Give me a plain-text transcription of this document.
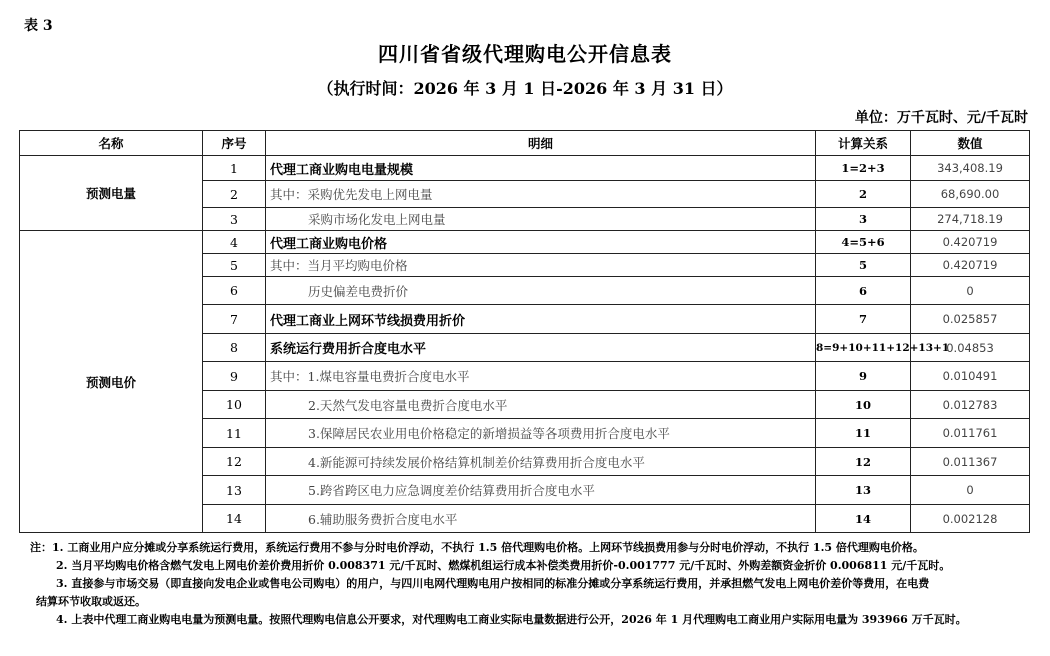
表 3
四川省省级代理购电公开信息表
（执行时间：2026 年 3 月 1 日-2026 年 3 月 31 日）
单位：万千瓦时、元/千瓦时
名称	序号	明细	计算关系	数值
预测电量	1	代理工商业购电电量规模	1=2+3	343,408.19
	2	其中：采购优先发电上网电量	2	68,690.00
	3	采购市场化发电上网电量	3	274,718.19
预测电价	4	代理工商业购电价格	4=5+6	0.420719
	5	其中：当月平均购电价格	5	0.420719
	6	历史偏差电费折价	6	0
	7	代理工商业上网环节线损费用折价	7	0.025857
	8	系统运行费用折合度电水平	8=9+10+11+12+13+1	0.04853
	9	其中：1.煤电容量电费折合度电水平	9	0.010491
	10	2.天然气发电容量电费折合度电水平	10	0.012783
	11	3.保障居民农业用电价格稳定的新增损益等各项费用折合度电水平	11	0.011761
	12	4.新能源可持续发展价格结算机制差价结算费用折合度电水平	12	0.011367
	13	5.跨省跨区电力应急调度差价结算费用折合度电水平	13	0
	14	6.辅助服务费折合度电水平	14	0.002128
注：1. 工商业用户应分摊或分享系统运行费用，系统运行费用不参与分时电价浮动，不执行 1.5 倍代理购电价格。上网环节线损费用参与分时电价浮动，不执行 1.5 倍代理购电价格。
2. 当月平均购电价格含燃气发电上网电价差价费用折价 0.008371 元/千瓦时、燃煤机组运行成本补偿类费用折价-0.001777 元/千瓦时、外购差额资金折价 0.006811 元/千瓦时。
3. 直接参与市场交易（即直接向发电企业或售电公司购电）的用户，与四川电网代理购电用户按相同的标准分摊或分享系统运行费用，并承担燃气发电上网电价差价等费用，在电费
结算环节收取或返还。
4. 上表中代理工商业购电电量为预测电量。按照代理购电信息公开要求，对代理购电工商业实际电量数据进行公开，2026 年 1 月代理购电工商业用户实际用电量为 393966 万千瓦时。
